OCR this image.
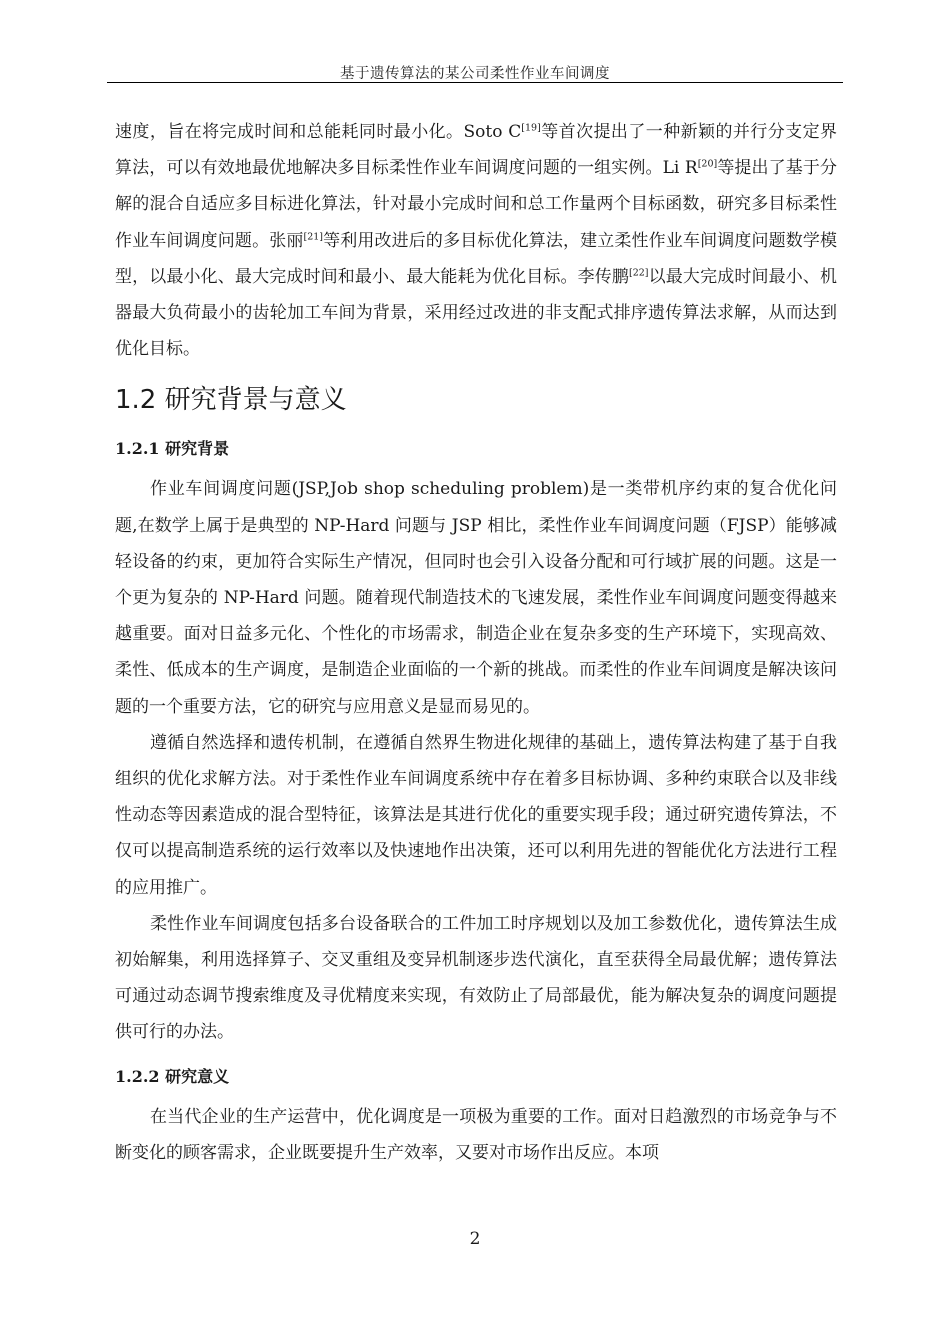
基于遗传算法的某公司柔性作业车间调度

速度，旨在将完成时间和总能耗同时最小化。Soto C[19]等首次提出了一种新颖的并行分支定界算法，可以有效地最优地解决多目标柔性作业车间调度问题的一组实例。Li R[20]等提出了基于分解的混合自适应多目标进化算法，针对最小完成时间和总工作量两个目标函数，研究多目标柔性作业车间调度问题。张丽[21]等利用改进后的多目标优化算法，建立柔性作业车间调度问题数学模型，以最小化、最大完成时间和最小、最大能耗为优化目标。李传鹏[22]以最大完成时间最小、机器最大负荷最小的齿轮加工车间为背景，采用经过改进的非支配式排序遗传算法求解，从而达到优化目标。

1.2 研究背景与意义
1.2.1 研究背景

作业车间调度问题(JSP,Job shop scheduling problem)是一类带机序约束的复合优化问题,在数学上属于是典型的 NP-Hard 问题与 JSP 相比，柔性作业车间调度问题（FJSP）能够减轻设备的约束，更加符合实际生产情况，但同时也会引入设备分配和可行域扩展的问题。这是一个更为复杂的 NP-Hard 问题。随着现代制造技术的飞速发展，柔性作业车间调度问题变得越来越重要。面对日益多元化、个性化的市场需求，制造企业在复杂多变的生产环境下，实现高效、柔性、低成本的生产调度，是制造企业面临的一个新的挑战。而柔性的作业车间调度是解决该问题的一个重要方法，它的研究与应用意义是显而易见的。

遵循自然选择和遗传机制，在遵循自然界生物进化规律的基础上，遗传算法构建了基于自我组织的优化求解方法。对于柔性作业车间调度系统中存在着多目标协调、多种约束联合以及非线性动态等因素造成的混合型特征，该算法是其进行优化的重要实现手段；通过研究遗传算法，不仅可以提高制造系统的运行效率以及快速地作出决策，还可以利用先进的智能优化方法进行工程的应用推广。

柔性作业车间调度包括多台设备联合的工件加工时序规划以及加工参数优化，遗传算法生成初始解集，利用选择算子、交叉重组及变异机制逐步迭代演化，直至获得全局最优解；遗传算法可通过动态调节搜索维度及寻优精度来实现，有效防止了局部最优，能为解决复杂的调度问题提供可行的办法。

1.2.2 研究意义

在当代企业的生产运营中，优化调度是一项极为重要的工作。面对日趋激烈的市场竞争与不断变化的顾客需求，企业既要提升生产效率，又要对市场作出反应。本项

2
